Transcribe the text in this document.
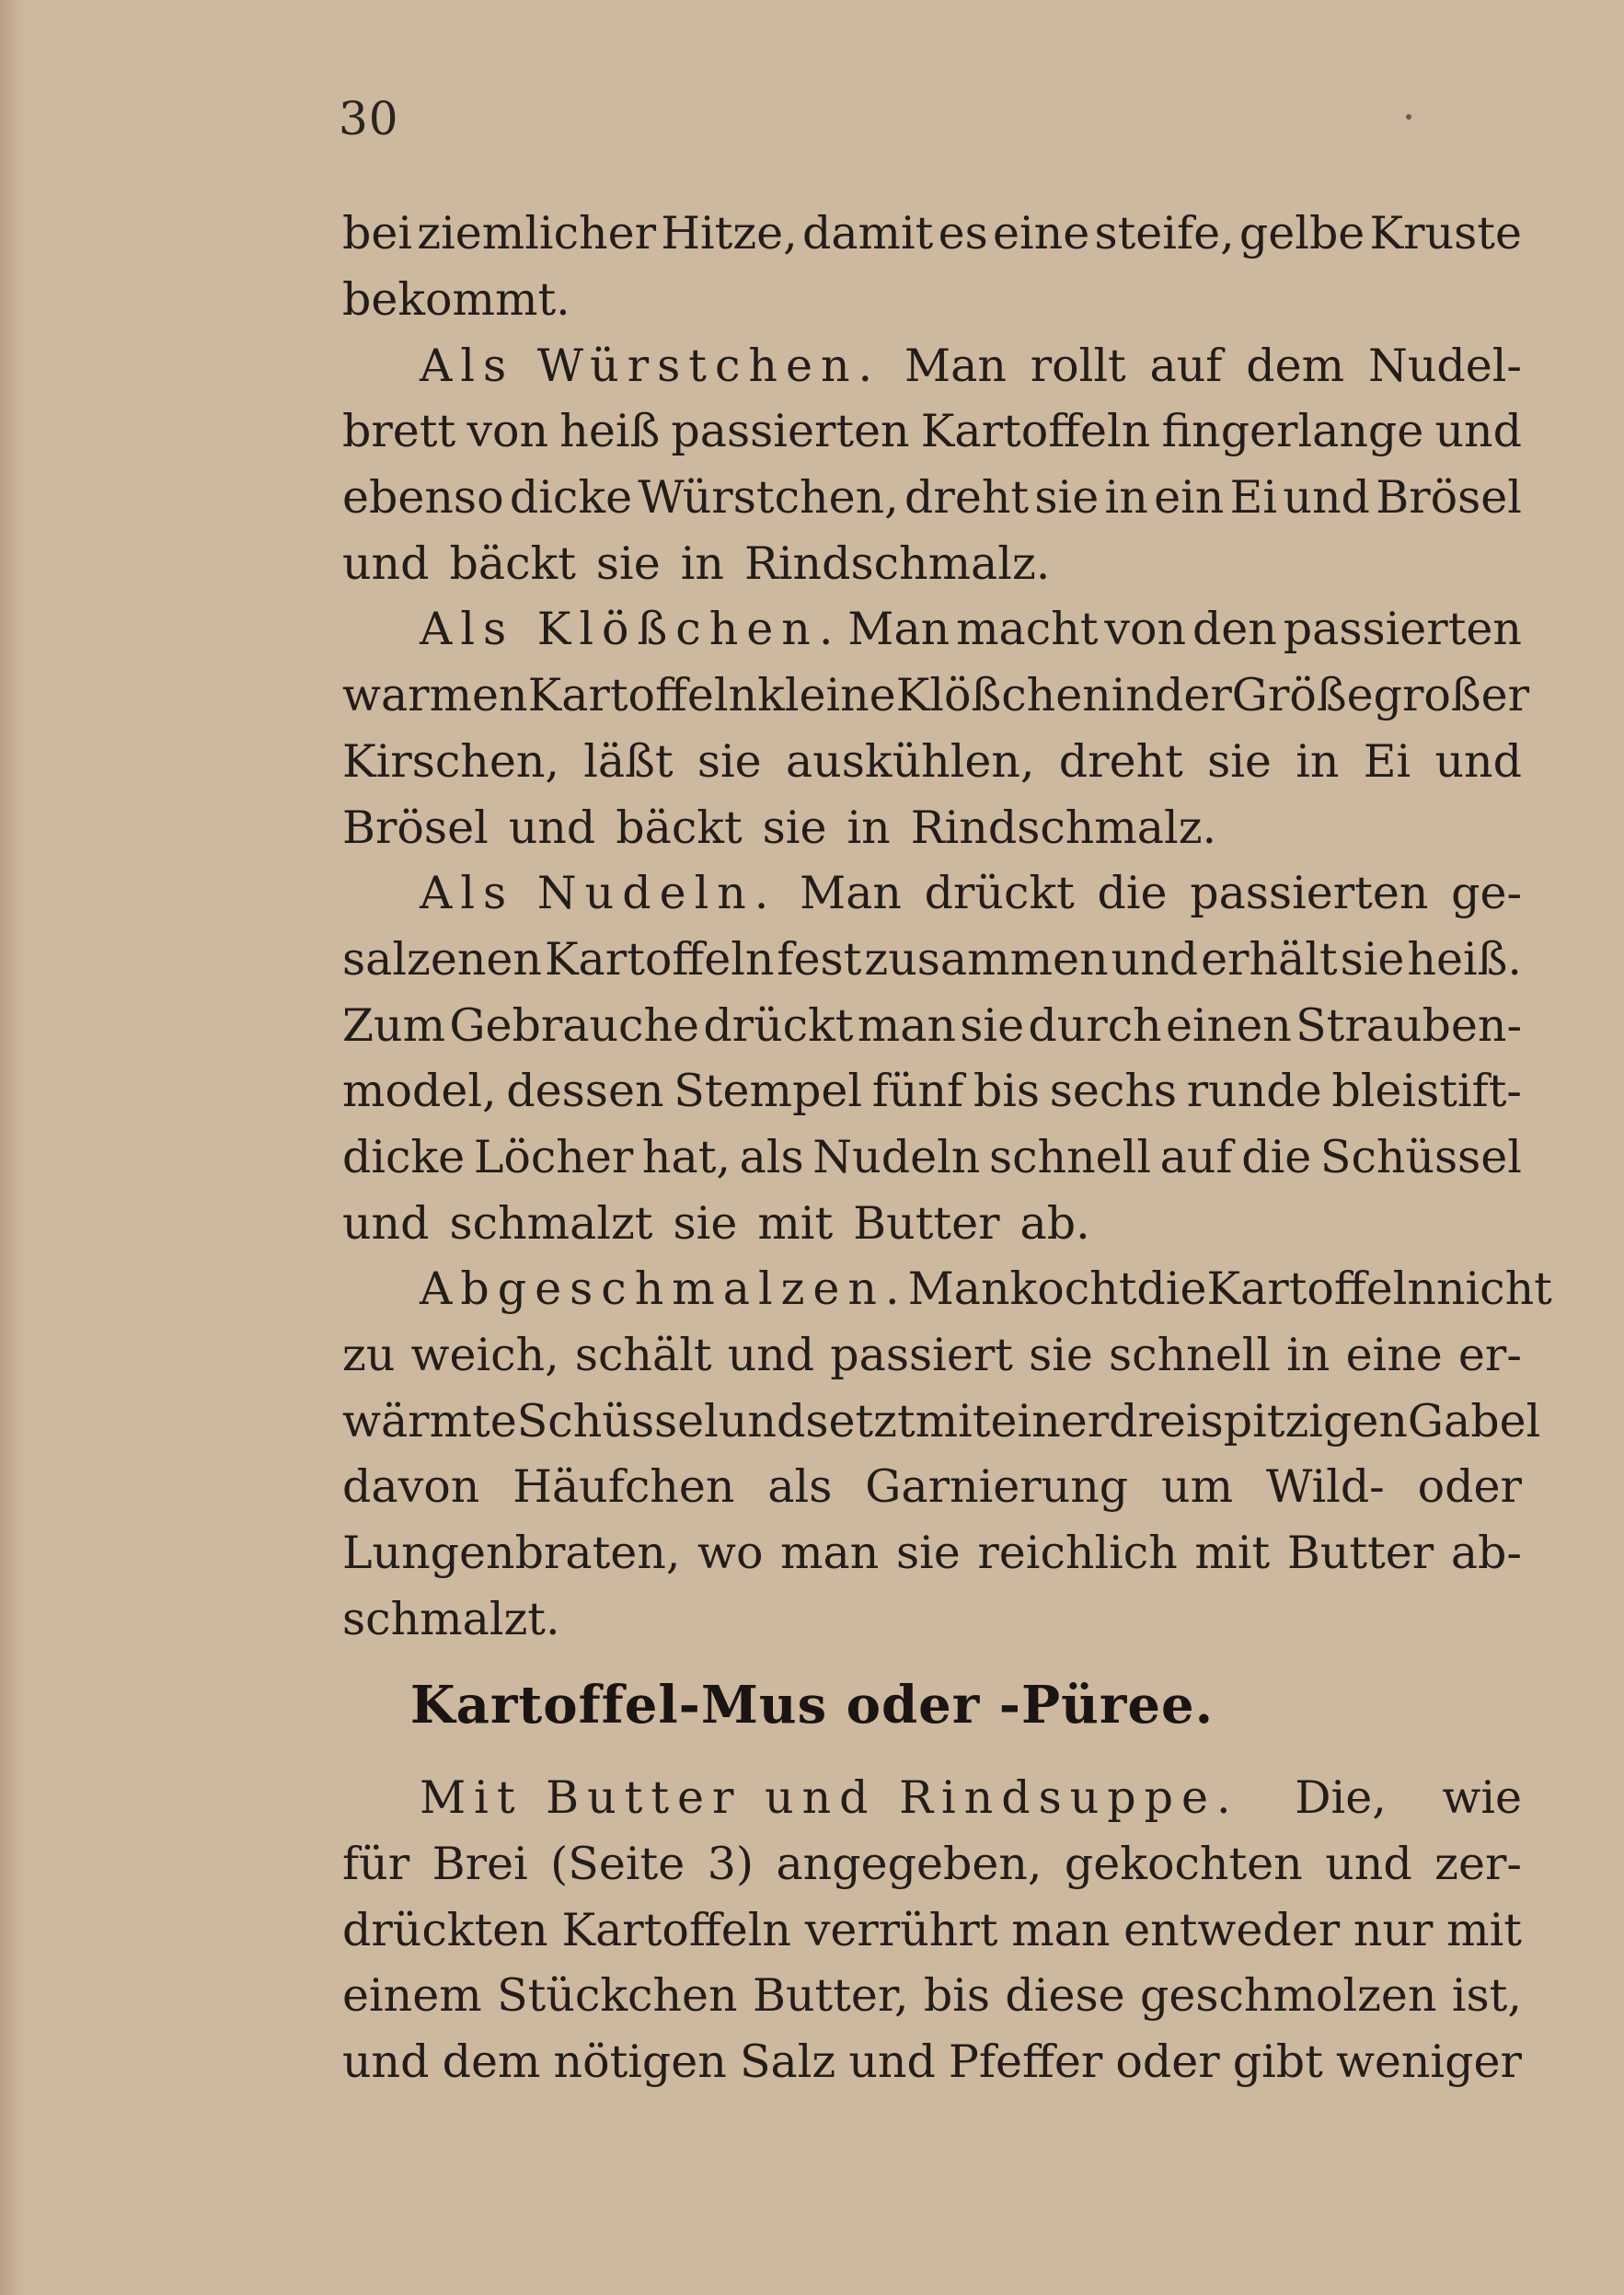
30
bei ziemlicher Hitze, damit es eine steife, gelbe Kruste
bekommt.
Als Würstchen. Man rollt auf dem Nudel-
brett von heiß passierten Kartoffeln fingerlange und
ebenso dicke Würstchen, dreht sie in ein Ei und Brösel
und bäckt sie in Rindschmalz.
Als Klößchen. Man macht von den passierten
warmen Kartoffeln kleine Klößchen in der Größe großer
Kirschen, läßt sie auskühlen, dreht sie in Ei und
Brösel und bäckt sie in Rindschmalz.
Als Nudeln. Man drückt die passierten ge-
salzenen Kartoffeln fest zusammen und erhält sie heiß.
Zum Gebrauche drückt man sie durch einen Strauben-
model, dessen Stempel fünf bis sechs runde bleistift-
dicke Löcher hat, als Nudeln schnell auf die Schüssel
und schmalzt sie mit Butter ab.
Abgeschmalzen. Man kocht die Kartoffeln nicht
zu weich, schält und passiert sie schnell in eine er-
wärmte Schüssel und setzt mit einer dreispitzigen Gabel
davon Häufchen als Garnierung um Wild- oder
Lungenbraten, wo man sie reichlich mit Butter ab-
schmalzt.
Kartoffel-Mus oder -Püree.
Mit Butter und Rindsuppe. Die, wie
für Brei (Seite 3) angegeben, gekochten und zer-
drückten Kartoffeln verrührt man entweder nur mit
einem Stückchen Butter, bis diese geschmolzen ist,
und dem nötigen Salz und Pfeffer oder gibt weniger
